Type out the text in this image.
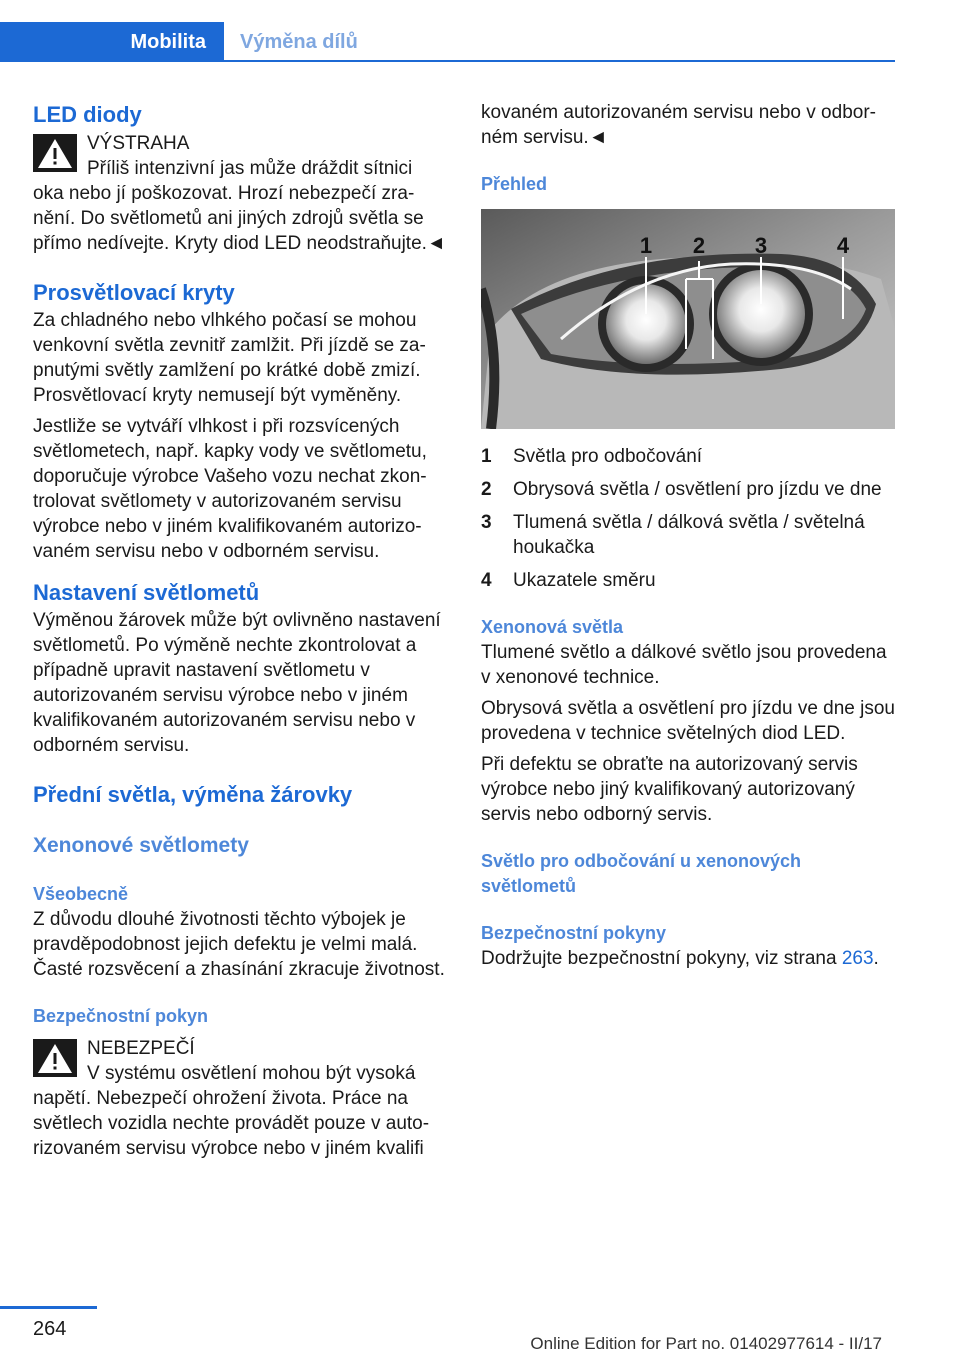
Mobilita	Výměna dílů
LED diody
VÝSTRAHA

Příliš intenzivní jas může dráždit sítnici oka nebo jí poškozovat. Hrozí nebezpečí zranění. Do světlometů ani jiných zdrojů světla se přímo nedívejte. Kryty diod LED neodstraňujte.◄

Prosvětlovací kryty

Za chladného nebo vlhkého počasí se mohou venkovní světla zevnitř zamlžit. Při jízdě se zapnutými světly zamlžení po krátké době zmizí. Prosvětlovací kryty nemusejí být vyměněny.

Jestliže se vytváří vlhkost i při rozsvícených světlometech, např. kapky vody ve světlometu, doporučuje výrobce Vašeho vozu nechat zkontrolovat světlomety v autorizovaném servisu výrobce nebo v jiném kvalifikovaném autorizovaném servisu nebo v odborném servisu.

Nastavení světlometů

Výměnou žárovek může být ovlivněno nastavení světlometů. Po výměně nechte zkontrolovat a případně upravit nastavení světlometu v autorizovaném servisu výrobce nebo v jiném kvalifikovaném autorizovaném servisu nebo v odborném servisu.

Přední světla, výměna žárovky
Xenonové světlomety
Všeobecně

Z důvodu dlouhé životnosti těchto výbojek je pravděpodobnost jejich defektu je velmi malá. Časté rozsvěcení a zhasínání zkracuje životnost.

Bezpečnostní pokyn
NEBEZPEČÍ

V systému osvětlení mohou být vysoká napětí. Nebezpečí ohrožení života. Práce na světlech vozidla nechte provádět pouze v autorizovaném servisu výrobce nebo v jiném kvalifi

kovaném autorizovaném servisu nebo v odborném servisu.◄

Přehled
1 2 3	4
1	Světla pro odbočování
2	Obrysová světla / osvětlení pro jízdu ve dne
3	Tlumená světla / dálková světla / světelná houkačka
4	Ukazatele směru
Xenonová světla

Tlumené světlo a dálkové světlo jsou provedena v xenonové technice.

Obrysová světla a osvětlení pro jízdu ve dne jsou provedena v technice světelných diod LED.

Při defektu se obraťte na autorizovaný servis výrobce nebo jiný kvalifikovaný autorizovaný servis nebo odborný servis.

Světlo pro odbočování u xenonových světlometů
Bezpečnostní pokyny

Dodržujte bezpečnostní pokyny, viz strana 263.

264
Online Edition for Part no. 01402977614 - II/17
